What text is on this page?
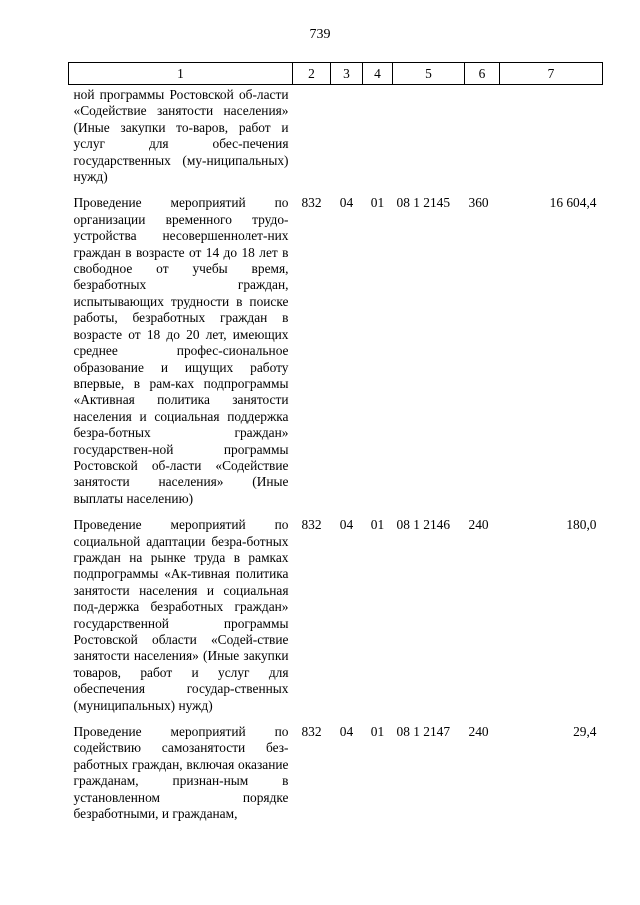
739
1	2	3	4	5	6	7
ной программы Ростовской об-ласти «Содействие занятости населения» (Иные закупки то-варов, работ и услуг для обес-печения государственных (му-ниципальных) нужд)						
Проведение мероприятий по организации временного трудо-устройства несовершеннолет-них граждан в возрасте от 14 до 18 лет в свободное от учебы время, безработных граждан, испытывающих трудности в поиске работы, безработных граждан в возрасте от 18 до 20 лет, имеющих среднее профес-сиональное образование и ищущих работу впервые, в рам-ках подпрограммы «Активная политика занятости населения и социальная поддержка безра-ботных граждан» государствен-ной программы Ростовской об-ласти «Содействие занятости населения» (Иные выплаты населению)	832	04	01	08 1 2145	360	16 604,4
Проведение мероприятий по социальной адаптации безра-ботных граждан на рынке труда в рамках подпрограммы «Ак-тивная политика занятости населения и социальная под-держка безработных граждан» государственной программы Ростовской области «Содей-ствие занятости населения» (Иные закупки товаров, работ и услуг для обеспечения государ-ственных (муниципальных) нужд)	832	04	01	08 1 2146	240	180,0
Проведение мероприятий по содействию самозанятости без-работных граждан, включая оказание гражданам, признан-ным в установленном порядке безработными, и гражданам,	832	04	01	08 1 2147	240	29,4
